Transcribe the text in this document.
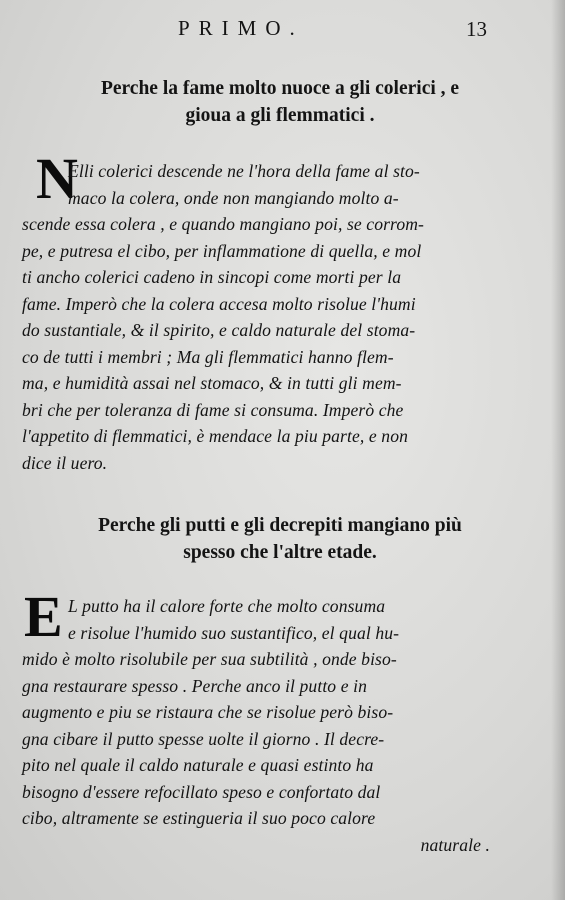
PRIMO.	13
Perche la fame molto nuoce a gli colerici , e
gioua a gli flemmatici .
N
Elli colerici descende ne l'hora della fame al sto-
maco la colera, onde non mangiando molto a-
scende essa colera , e quando mangiano poi, se corrom-
pe, e putresa el cibo, per inflammatione di quella, e mol
ti ancho colerici cadeno in sincopi come morti per la
fame. Imperò che la colera accesa molto risolue l'humi
do sustantiale, & il spirito, e caldo naturale del stoma-
co de tutti i membri ; Ma gli flemmatici hanno flem-
ma, e humidità assai nel stomaco, & in tutti gli mem-
bri che per toleranza di fame si consuma. Imperò che
l'appetito di flemmatici, è mendace la piu parte, e non
dice il uero.
Perche gli putti e gli decrepiti mangiano più
spesso che l'altre etade.
E L putto ha il calore forte che molto consuma
e risolue l'humido suo sustantifico, el qual hu-
mido è molto risolubile per sua subtilità , onde biso-
gna restaurare spesso . Perche anco il putto e in
augmento e piu se ristaura che se risolue però biso-
gna cibare il putto spesse uolte il giorno . Il decre-
pito nel quale il caldo naturale e quasi estinto ha
bisogno d'essere refocillato speso e confortato dal
cibo, altramente se estingueria il suo poco calore
naturale .
